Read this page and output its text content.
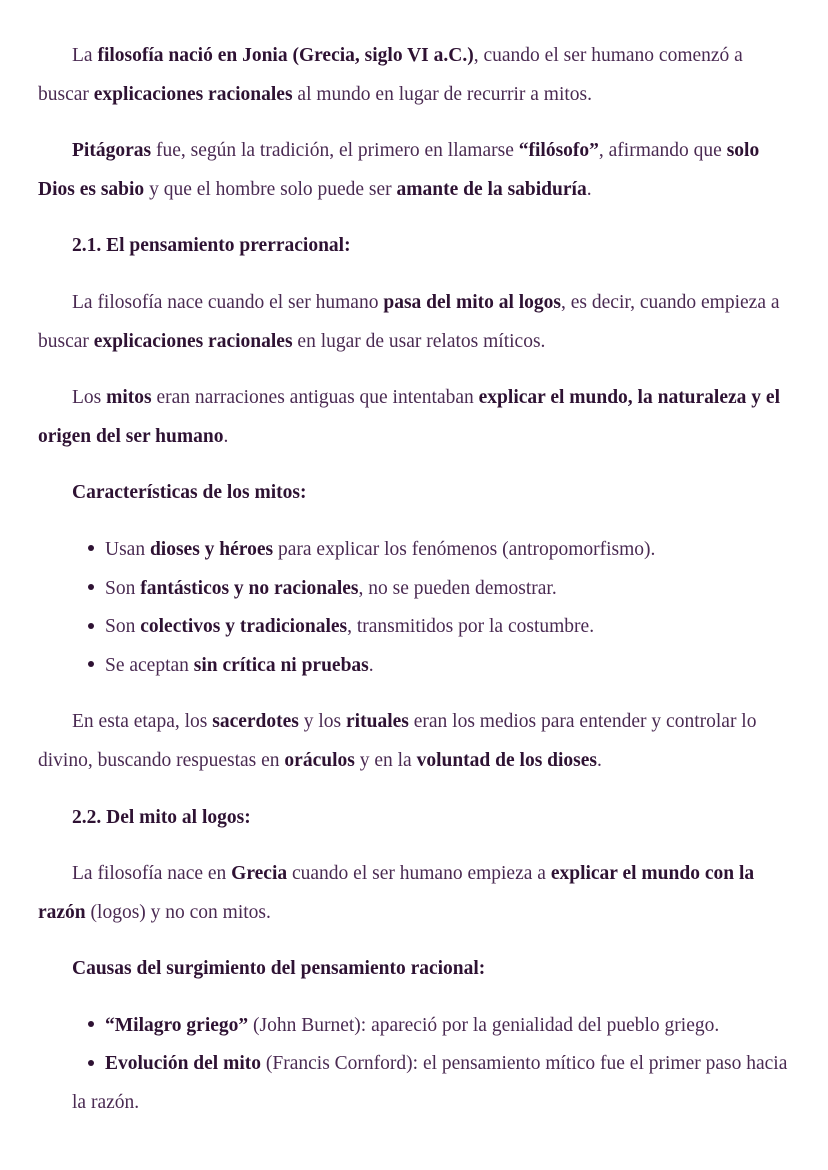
La filosofía nació en Jonia (Grecia, siglo VI a.C.), cuando el ser humano comenzó a buscar explicaciones racionales al mundo en lugar de recurrir a mitos.
Pitágoras fue, según la tradición, el primero en llamarse “filósofo”, afirmando que solo Dios es sabio y que el hombre solo puede ser amante de la sabiduría.
2.1. El pensamiento prerracional:
La filosofía nace cuando el ser humano pasa del mito al logos, es decir, cuando empieza a buscar explicaciones racionales en lugar de usar relatos míticos.
Los mitos eran narraciones antiguas que intentaban explicar el mundo, la naturaleza y el origen del ser humano.
Características de los mitos:
Usan dioses y héroes para explicar los fenómenos (antropomorfismo).
Son fantásticos y no racionales, no se pueden demostrar.
Son colectivos y tradicionales, transmitidos por la costumbre.
Se aceptan sin crítica ni pruebas.
En esta etapa, los sacerdotes y los rituales eran los medios para entender y controlar lo divino, buscando respuestas en oráculos y en la voluntad de los dioses.
2.2. Del mito al logos:
La filosofía nace en Grecia cuando el ser humano empieza a explicar el mundo con la razón (logos) y no con mitos.
Causas del surgimiento del pensamiento racional:
“Milagro griego” (John Burnet): apareció por la genialidad del pueblo griego.
Evolución del mito (Francis Cornford): el pensamiento mítico fue el primer paso hacia la razón.
